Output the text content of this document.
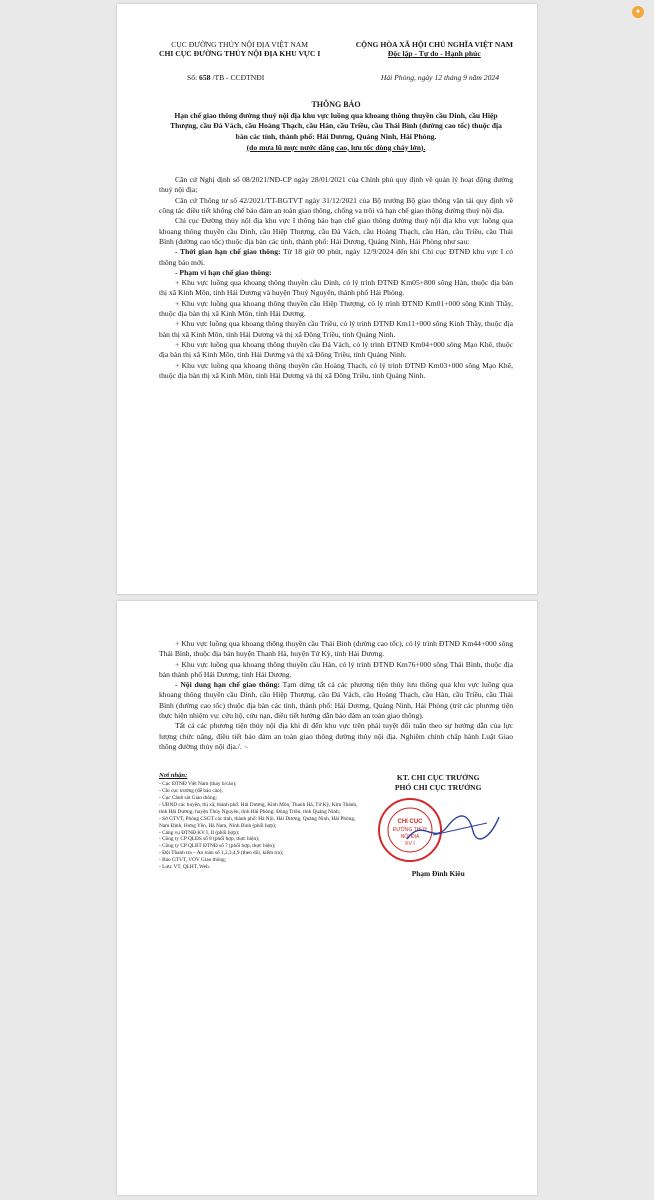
✦
CỤC ĐƯỜNG THỦY NỘI ĐỊA VIỆT NAM
CHI CỤC ĐƯỜNG THỦY NỘI ĐỊA KHU VỰC I
CỘNG HÒA XÃ HỘI CHỦ NGHĨA VIỆT NAM
Độc lập - Tự do - Hạnh phúc
Số: 658 /TB - CCĐTNĐI	Hải Phòng, ngày 12 tháng 9 năm 2024
THÔNG BÁO
Hạn chế giao thông đường thuỷ nội địa khu vực luồng qua khoang thông thuyền cầu Dinh, cầu Hiệp Thượng, cầu Đá Vách, cầu Hoàng Thạch, cầu Hàn, cầu Triều, cầu Thái Bình (đường cao tốc) thuộc địa bàn các tỉnh, thành phố: Hải Dương, Quảng Ninh, Hải Phòng.
(do mưa lũ mực nước dâng cao, lưu tốc dòng chảy lớn).

Căn cứ Nghị định số 08/2021/NĐ-CP ngày 28/01/2021 của Chính phủ quy định về quản lý hoạt động đường thuỷ nội địa;

Căn cứ Thông tư số 42/2021/TT-BGTVT ngày 31/12/2021 của Bộ trưởng Bộ giao thông vận tải quy định về công tác điều tiết khống chế bảo đảm an toàn giao thông, chống va trôi và hạn chế giao thông đường thuỷ nội địa.

Chi cục Đường thủy nội địa khu vực I thông báo hạn chế giao thông đường thuỷ nội địa khu vực luồng qua khoang thông thuyền cầu Dinh, cầu Hiệp Thượng, cầu Đá Vách, cầu Hoàng Thạch, cầu Hàn, cầu Triều, cầu Thái Bình (đường cao tốc) thuộc địa bàn các tỉnh, thành phố: Hải Dương, Quảng Ninh, Hải Phòng như sau:

- Thời gian hạn chế giao thông: Từ 18 giờ 00 phút, ngày 12/9/2024 đến khi Chi cục ĐTNĐ khu vực I có thông báo mới.

- Phạm vi hạn chế giao thông:

+ Khu vực luồng qua khoang thông thuyền cầu Dinh, có lý trình ĐTNĐ Km05+800 sông Hàn, thuộc địa bàn thị xã Kinh Môn, tỉnh Hải Dương và huyện Thuỷ Nguyên, thành phố Hải Phòng.

+ Khu vực luồng qua khoang thông thuyền cầu Hiệp Thượng, có lý trình ĐTNĐ Km01+000 sông Kinh Thầy, thuộc địa bàn thị xã Kinh Môn, tỉnh Hải Dương.

+ Khu vực luồng qua khoang thông thuyền cầu Triều, có lý trình ĐTNĐ Km11+000 sông Kinh Thầy, thuộc địa bàn thị xã Kinh Môn, tỉnh Hải Dương và thị xã Đông Triều, tỉnh Quảng Ninh.

+ Khu vực luồng qua khoang thông thuyền cầu Đá Vách, có lý trình ĐTNĐ Km04+000 sông Mạo Khê, thuộc địa bàn thị xã Kinh Môn, tỉnh Hải Dương và thị xã Đông Triều, tỉnh Quảng Ninh.

+ Khu vực luồng qua khoang thông thuyền cầu Hoàng Thạch, có lý trình ĐTNĐ Km03+000 sông Mạo Khê, thuộc địa bàn thị xã Kinh Môn, tỉnh Hải Dương và thị xã Đông Triều, tỉnh Quảng Ninh.

+ Khu vực luồng qua khoang thông thuyền cầu Thái Bình (đường cao tốc), có lý trình ĐTNĐ Km44+000 sông Thái Bình, thuộc địa bàn huyện Thanh Hà, huyện Tứ Kỳ, tỉnh Hải Dương.

+ Khu vực luồng qua khoang thông thuyền cầu Hàn, có lý trình ĐTNĐ Km76+000 sông Thái Bình, thuộc địa bàn thành phố Hải Dương, tỉnh Hải Dương.

- Nội dung hạn chế giao thông: Tạm dừng tất cả các phương tiện thủy lưu thông qua khu vực luồng qua khoang thông thuyền cầu Dinh, cầu Hiệp Thượng, cầu Đá Vách, cầu Hoàng Thạch, cầu Hàn, cầu Triều, cầu Thái Bình (đường cao tốc) thuộc địa bàn các tỉnh, thành phố: Hải Dương, Quảng Ninh, Hải Phòng (trừ các phương tiện thực hiện nhiệm vụ: cứu hộ, cứu nạn, điều tiết hướng dẫn bảo đảm an toàn giao thông).

Tất cả các phương tiện thủy nội địa khi đi đến khu vực trên phải tuyệt đối tuân theo sự hướng dẫn của lực lượng chức năng, điều tiết bảo đảm an toàn giao thông đường thủy nội địa. Nghiêm chỉnh chấp hành Luật Giao thông đường thủy nội địa./. ~

Nơi nhận:
- Cục ĐTNĐ Việt Nam (thay b/cáo);
- Chi cục trưởng (để báo cáo);
- Cục Cảnh sát Giao thông;
- UBND các huyện, thị xã, thành phố: Hải Dương, Kinh Môn, Thanh Hà, Tứ Kỳ, Kim Thành, tỉnh Hải Dương; huyện Thủy Nguyên, tỉnh Hải Phòng; Đông Triều, tỉnh Quảng Ninh;
- Sở GTVT, Phòng CSGT các tỉnh, thành phố: Hà Nội, Hải Dương, Quảng Ninh, Hải Phòng, Nam Định, Hưng Yên, Hà Nam, Ninh Bình (phối hợp);
- Cảng vụ ĐTNĐ KV I, II (phối hợp);
- Công ty CP QLĐS số 8 (phối hợp, thực hiện);
- Công ty CP QLBT ĐTNĐ số 7 (phối hợp, thực hiện);
- Đội Thanh tra – An toàn số 1,2,3,4,9 (theo dõi, kiểm tra);
- Báo GTVT, VOV Giao thông;
- Lưu: VT, QLHT, Web.
KT. CHI CỤC TRƯỞNG
PHÓ CHI CỤC TRƯỞNG
CHI CỤC
ĐƯỜNG THỦY
NỘI ĐỊA
KV I
Phạm Đình Kiêu
